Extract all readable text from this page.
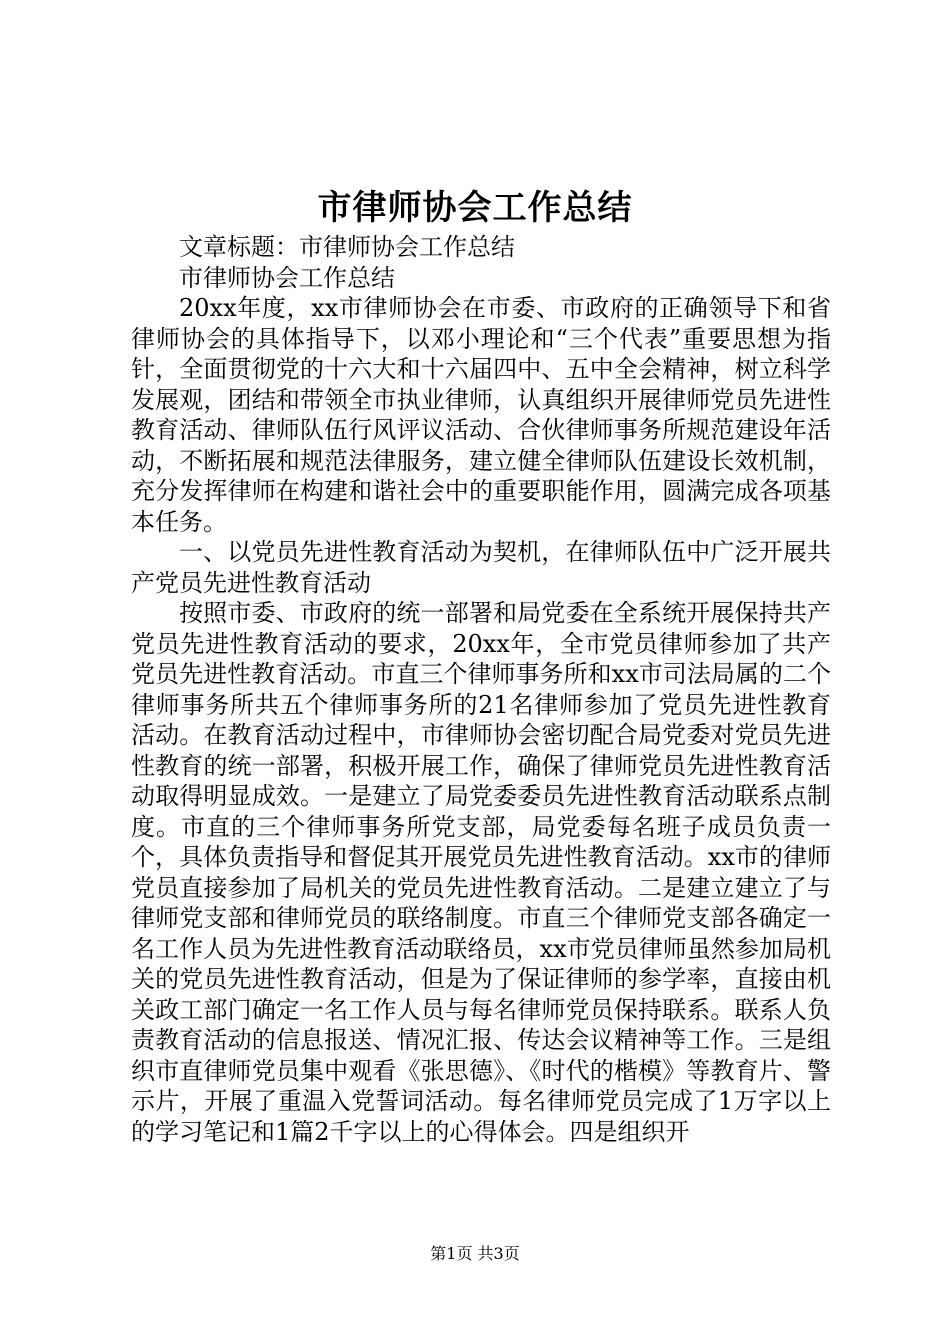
市律师协会工作总结

文章标题：市律师协会工作总结

市律师协会工作总结

20xx年度，xx市律师协会在市委、市政府的正确领导下和省律师协会的具体指导下，以邓小理论和“三个代表”重要思想为指针，全面贯彻党的十六大和十六届四中、五中全会精神，树立科学发展观，团结和带领全市执业律师，认真组织开展律师党员先进性教育活动、律师队伍行风评议活动、合伙律师事务所规范建设年活动，不断拓展和规范法律服务，建立健全律师队伍建设长效机制，充分发挥律师在构建和谐社会中的重要职能作用，圆满完成各项基本任务。

一、以党员先进性教育活动为契机，在律师队伍中广泛开展共产党员先进性教育活动

按照市委、市政府的统一部署和局党委在全系统开展保持共产党员先进性教育活动的要求，20xx年，全市党员律师参加了共产党员先进性教育活动。市直三个律师事务所和xx市司法局属的二个律师事务所共五个律师事务所的21名律师参加了党员先进性教育活动。在教育活动过程中，市律师协会密切配合局党委对党员先进性教育的统一部署，积极开展工作，确保了律师党员先进性教育活动取得明显成效。一是建立了局党委委员先进性教育活动联系点制度。市直的三个律师事务所党支部，局党委每名班子成员负责一个，具体负责指导和督促其开展党员先进性教育活动。xx市的律师党员直接参加了局机关的党员先进性教育活动。二是建立建立了与律师党支部和律师党员的联络制度。市直三个律师党支部各确定一名工作人员为先进性教育活动联络员，xx市党员律师虽然参加局机关的党员先进性教育活动，但是为了保证律师的参学率，直接由机关政工部门确定一名工作人员与每名律师党员保持联系。联系人负责教育活动的信息报送、情况汇报、传达会议精神等工作。三是组织市直律师党员集中观看《张思德》、《时代的楷模》等教育片、警示片，开展了重温入党誓词活动。每名律师党员完成了1万字以上的学习笔记和1篇2千字以上的心得体会。四是组织开

第1页 共3页
